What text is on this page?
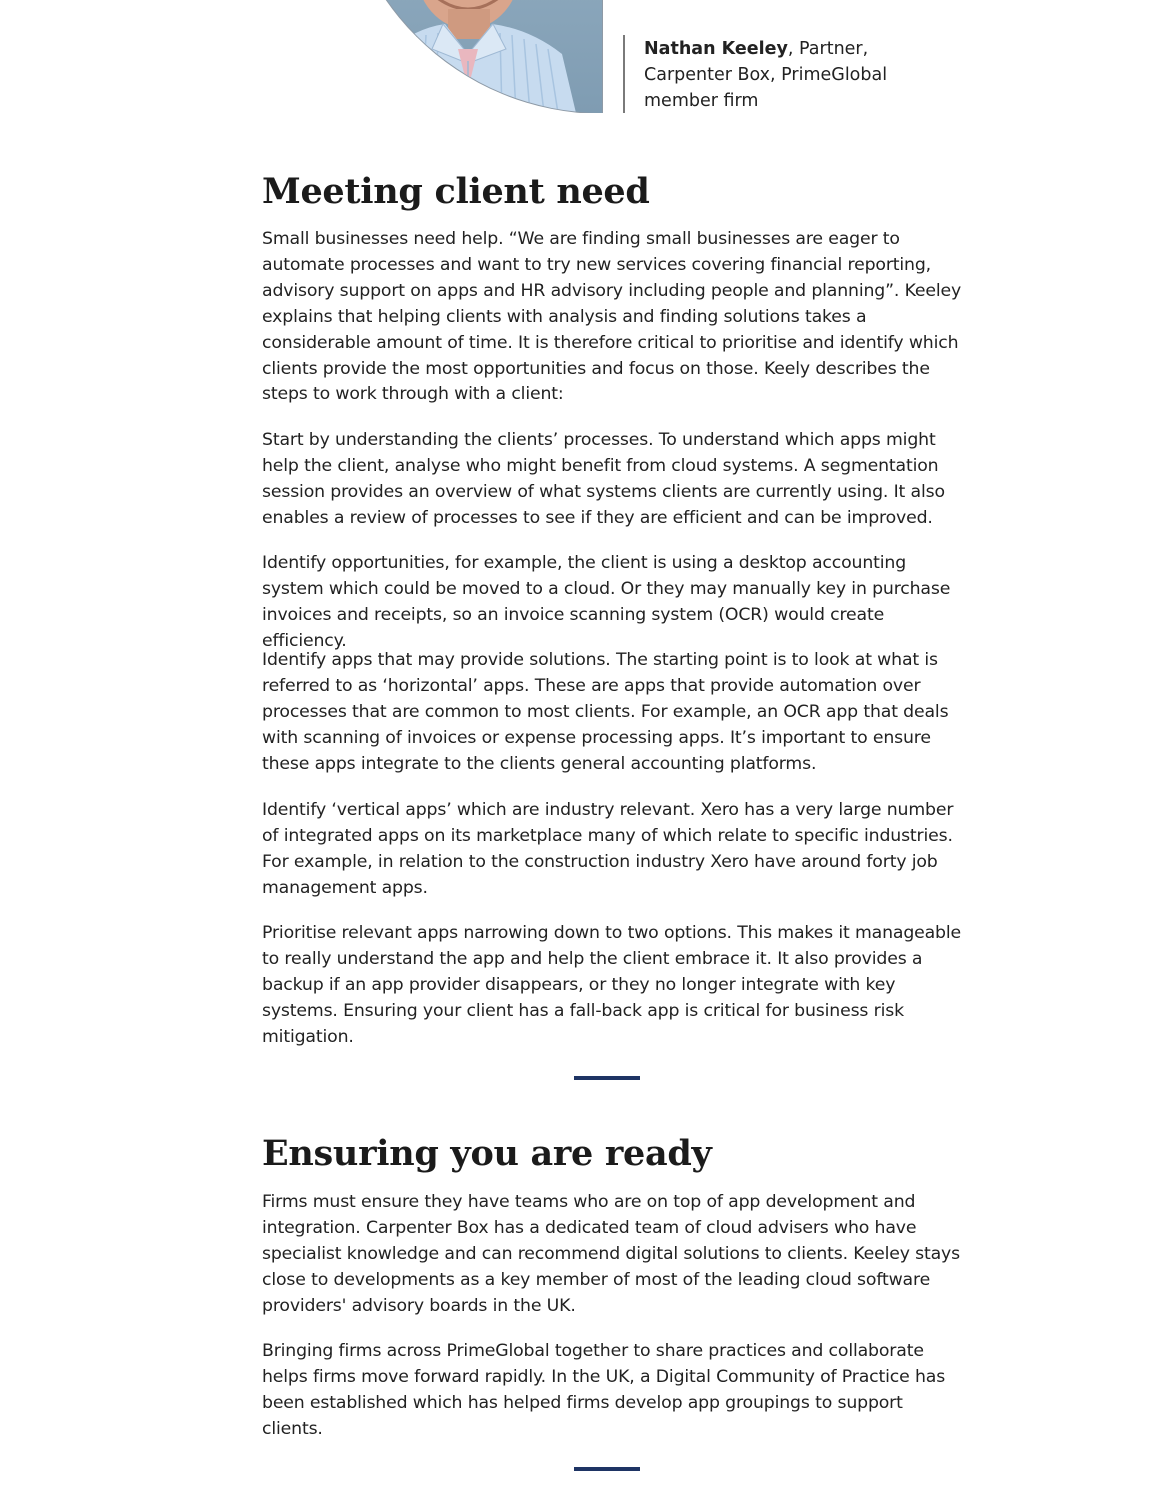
Nathan Keeley, Partner, Carpenter Box, PrimeGlobal member firm
Meeting client need

Small businesses need help. “We are finding small businesses are eager to automate processes and want to try new services covering financial reporting, advisory support on apps and HR advisory including people and planning”. Keeley explains that helping clients with analysis and finding solutions takes a considerable amount of time. It is therefore critical to prioritise and identify which clients provide the most opportunities and focus on those. Keely describes the steps to work through with a client:

Start by understanding the clients’ processes. To understand which apps might help the client, analyse who might benefit from cloud systems. A segmentation session provides an overview of what systems clients are currently using. It also enables a review of processes to see if they are efficient and can be improved.

Identify opportunities, for example, the client is using a desktop accounting system which could be moved to a cloud. Or they may manually key in purchase invoices and receipts, so an invoice scanning system (OCR) would create efficiency.

Identify apps that may provide solutions. The starting point is to look at what is referred to as ‘horizontal’ apps. These are apps that provide automation over processes that are common to most clients. For example, an OCR app that deals with scanning of invoices or expense processing apps. It’s important to ensure these apps integrate to the clients general accounting platforms.

Identify ‘vertical apps’ which are industry relevant. Xero has a very large number of integrated apps on its marketplace many of which relate to specific industries. For example, in relation to the construction industry Xero have around forty job management apps.

Prioritise relevant apps narrowing down to two options. This makes it manageable to really understand the app and help the client embrace it. It also provides a backup if an app provider disappears, or they no longer integrate with key systems. Ensuring your client has a fall-back app is critical for business risk mitigation.

Ensuring you are ready

Firms must ensure they have teams who are on top of app development and integration. Carpenter Box has a dedicated team of cloud advisers who have specialist knowledge and can recommend digital solutions to clients. Keeley stays close to developments as a key member of most of the leading cloud software providers' advisory boards in the UK.

Bringing firms across PrimeGlobal together to share practices and collaborate helps firms move forward rapidly. In the UK, a Digital Community of Practice has been established which has helped firms develop app groupings to support clients.
